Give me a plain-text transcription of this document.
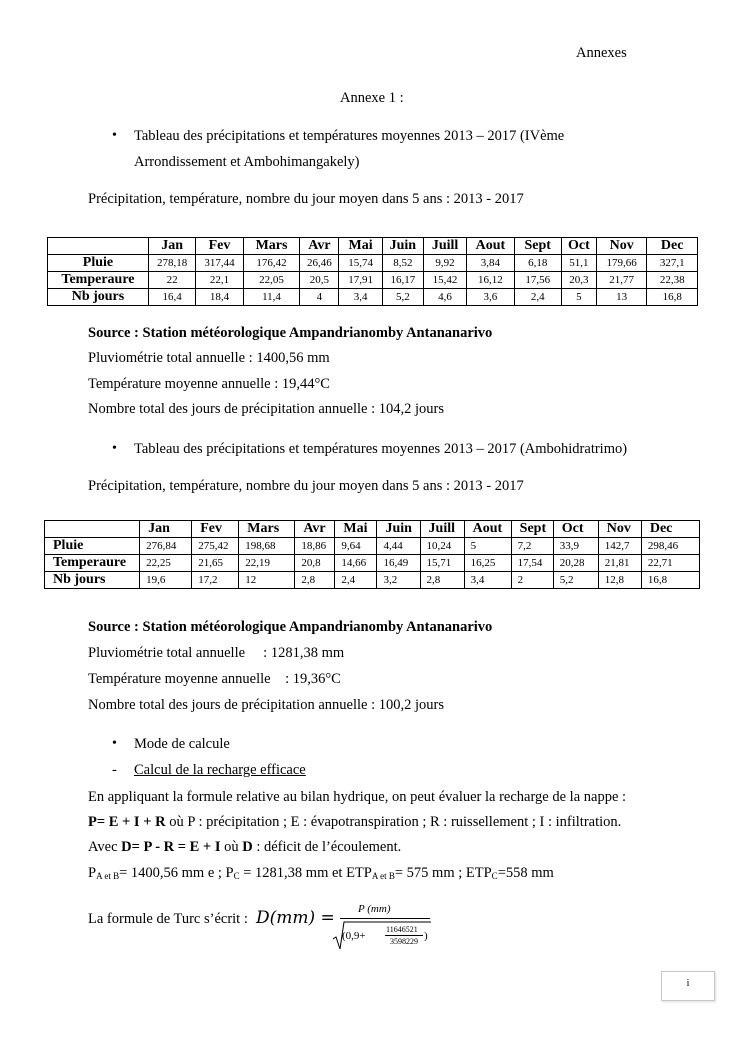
Annexes
Annexe 1 :
• Tableau des précipitations et températures moyennes 2013 – 2017 (IVème
Arrondissement et Ambohimangakely)
Précipitation, température, nombre du jour moyen dans 5 ans : 2013 - 2017
	Jan	Fev	Mars	Avr	Mai	Juin	Juill	Aout	Sept	Oct	Nov	Dec
Pluie	278,18	317,44	176,42	26,46	15,74	8,52	9,92	3,84	6,18	51,1	179,66	327,1
Temperaure	22	22,1	22,05	20,5	17,91	16,17	15,42	16,12	17,56	20,3	21,77	22,38
Nb jours	16,4	18,4	11,4	4	3,4	5,2	4,6	3,6	2,4	5	13	16,8
Source : Station météorologique Ampandrianomby Antananarivo
Pluviométrie total annuelle : 1400,56 mm
Température moyenne annuelle : 19,44°C
Nombre total des jours de précipitation annuelle : 104,2 jours
• Tableau des précipitations et températures moyennes 2013 – 2017 (Ambohidratrimo)
Précipitation, température, nombre du jour moyen dans 5 ans : 2013 - 2017
	Jan	Fev	Mars	Avr	Mai	Juin	Juill	Aout	Sept	Oct	Nov	Dec
Pluie	276,84	275,42	198,68	18,86	9,64	4,44	10,24	5	7,2	33,9	142,7	298,46
Temperaure	22,25	21,65	22,19	20,8	14,66	16,49	15,71	16,25	17,54	20,28	21,81	22,71
Nb jours	19,6	17,2	12	2,8	2,4	3,2	2,8	3,4	2	5,2	12,8	16,8
Source : Station météorologique Ampandrianomby Antananarivo
Pluviométrie total annuelle     : 1281,38 mm
Température moyenne annuelle    : 19,36°C
Nombre total des jours de précipitation annuelle : 100,2 jours
• Mode de calcule
- Calcul de la recharge efficace
En appliquant la formule relative au bilan hydrique, on peut évaluer la recharge de la nappe :
P= E + I + R où P : précipitation ; E : évapotranspiration ; R : ruissellement ; I : infiltration.
Avec D= P - R = E + I où D : déficit de l’écoulement.
$P_{A et B}= 1400,56$ mm e ; $P_C = 1281,38$ mm et $ETP_{A et B}= 575$ mm ; $ETP_C=558$ mm
La formule de Turc s’écrit : D(mm) = P (mm)
(0,9+
11646521
3598229 )
i
